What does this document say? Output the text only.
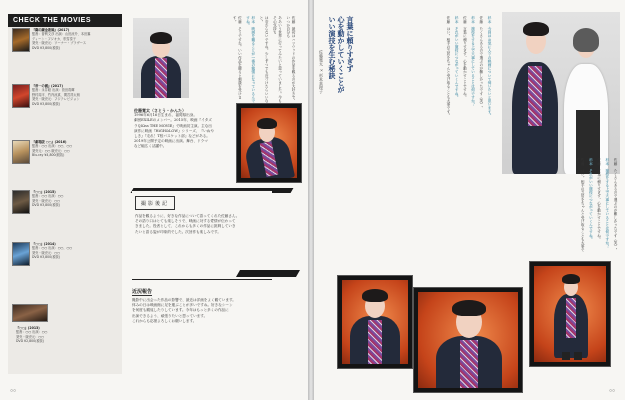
CHECK THE MOVIES
『鋼の錬金術師』(2017)
監督：曽利文彦 出演：山田涼介、本田翼
ディーン・フジオカ、松雪泰子
発売・販売元：ワーナー・ブラザース
DVD ¥3,800(税抜)
『帝一の國』(2017)
監督：永井聡 出演：菅田将暉
野村周平、竹内涼真、間宮祥太朗
発売・販売元：フジテレビジョン
DVD ¥3,800(税抜)
『劇場版 ○○』(2016)
監督：○○ 出演：○○、○○
発売元：○○ 販売元：○○
Blu-ray ¥4,800(税抜)
『○○』(2015)
監督：○○ 出演：○○
発売・販売元：○○
DVD ¥3,800(税抜)
『○○』(2014)
監督：○○ 出演：○○、○○
発売・販売元：○○
DVD ¥3,800(税抜)
『○○』(2013)
監督：○○ 出演：○○
発売・販売元：○○
DVD ¥2,800(税抜)

佐藤　最初はハリウッドの作品を観るのが大好きで、いつか自分も

ああいう世界に行ってみたいと思っていました。今もその気持ち

は変わらないですね。少しずつでも近づけたらいいなと。

杉本　映画を観ることが一番の勉強になっているんですね。

佐藤　そうですね。いい作品を観ると刺激を受けます。

佐藤寛太（さとう・かんた）
1996年6月16日生まれ、福岡県出身。
劇団EXILEのメンバー。2015年、映画『イタズ
ラなKiss THE MOVIE』で映画初主演。主な出
演作に映画『HiGH&LOW』シリーズ、『いぬや
しき』『走れ！T校バスケット部』などがある。
2019年公開予定の映画に出演。舞台、ドラマ
など幅広く活躍中。
撮影後記
作品を観るように、好きな作品について語ってくれた佐藤さん。
その語り口はとても楽しそうで、映画に対する愛情が伝わって
きました。役者として、これからも多くの作品に挑戦していき
たいと語る姿が印象的でした。次回作も楽しみです。
近況報告
撮影中に出会った作品の影響で、最近は洋画をよく観ています。
休みの日は映画館に足を運ぶことが多いですね。好きなシーン
を何度も観返したりしています。今年はもっと多くの作品に
出演できるよう、頑張りたいと思っています。
これからも応援よろしくお願いします。
○○
言葉に頼りすぎず
心を動かしていくことが
いい演技を生む秘訣
佐藤寛太 × 杉本真理子	杉本　今回はお気に入りの映画について伺いたいと思います。

佐藤　たくさんあるので選ぶのが難しかったです（笑）。

杉本　演技をする上で大事にしていることは何ですか？

佐藤　言葉に頼りすぎず、心を動かすことですね。

杉本　それがいい演技につながっていくんですね。

佐藤　はい。相手の芝居をちゃんと受け取ることも大事です。

佐藤　たくさんあるので選ぶのが難しかったです（笑）。

杉本　演技をする上で大事にしていることは何ですか？

佐藤　言葉に頼りすぎず、心を動かすことですね。

杉本　それがいい演技につながっていくんですね。

佐藤　はい。相手の芝居をちゃんと受け取ることも大事です。

○○
